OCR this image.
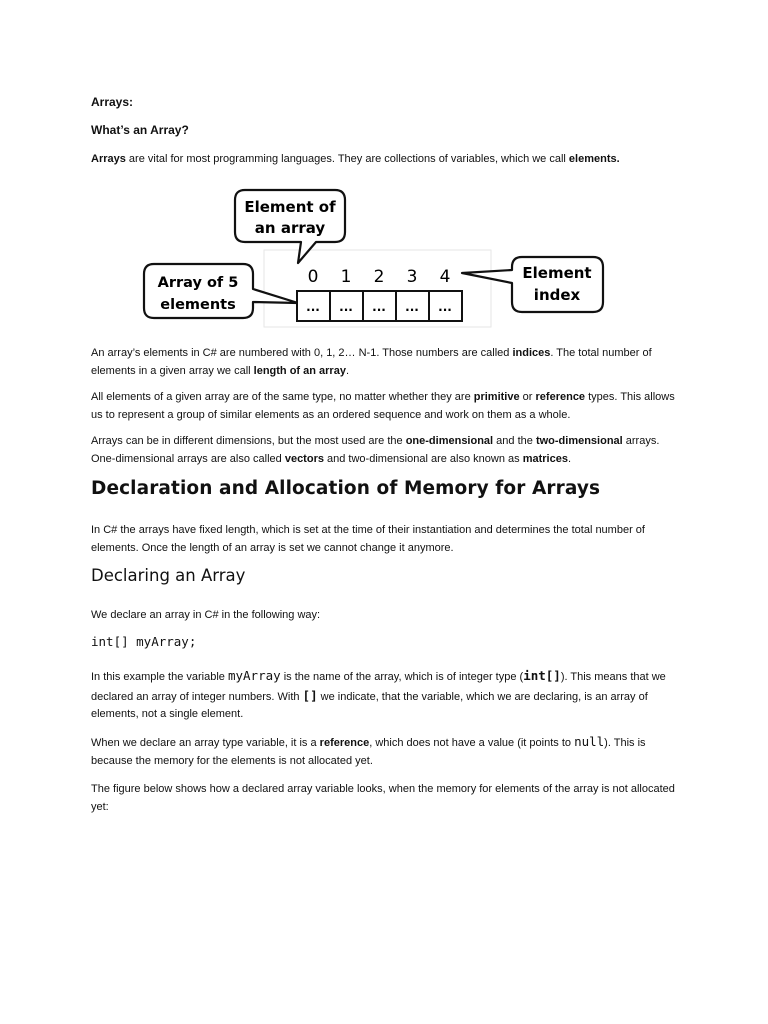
Arrays:

What’s an Array?

Arrays are vital for most programming languages. They are collections of variables, which we call elements.

Element of
an array
Array of 5
elements
Element
index
0 1 2 3 4
... ... ... ... ...

An array’s elements in C# are numbered with 0, 1, 2… N-1. Those numbers are called indices. The total number of elements in a given array we call length of an array.

All elements of a given array are of the same type, no matter whether they are primitive or reference types. This allows us to represent a group of similar elements as an ordered sequence and work on them as a whole.

Arrays can be in different dimensions, but the most used are the one-dimensional and the two-dimensional arrays. One-dimensional arrays are also called vectors and two-dimensional are also known as matrices.

Declaration and Allocation of Memory for Arrays

In C# the arrays have fixed length, which is set at the time of their instantiation and determines the total number of elements. Once the length of an array is set we cannot change it anymore.

Declaring an Array

We declare an array in C# in the following way:

int[] myArray;

In this example the variable myArray is the name of the array, which is of integer type (int[]). This means that we declared an array of integer numbers. With [] we indicate, that the variable, which we are declaring, is an array of elements, not a single element.

When we declare an array type variable, it is a reference, which does not have a value (it points to null). This is because the memory for the elements is not allocated yet.

The figure below shows how a declared array variable looks, when the memory for elements of the array is not allocated yet:
